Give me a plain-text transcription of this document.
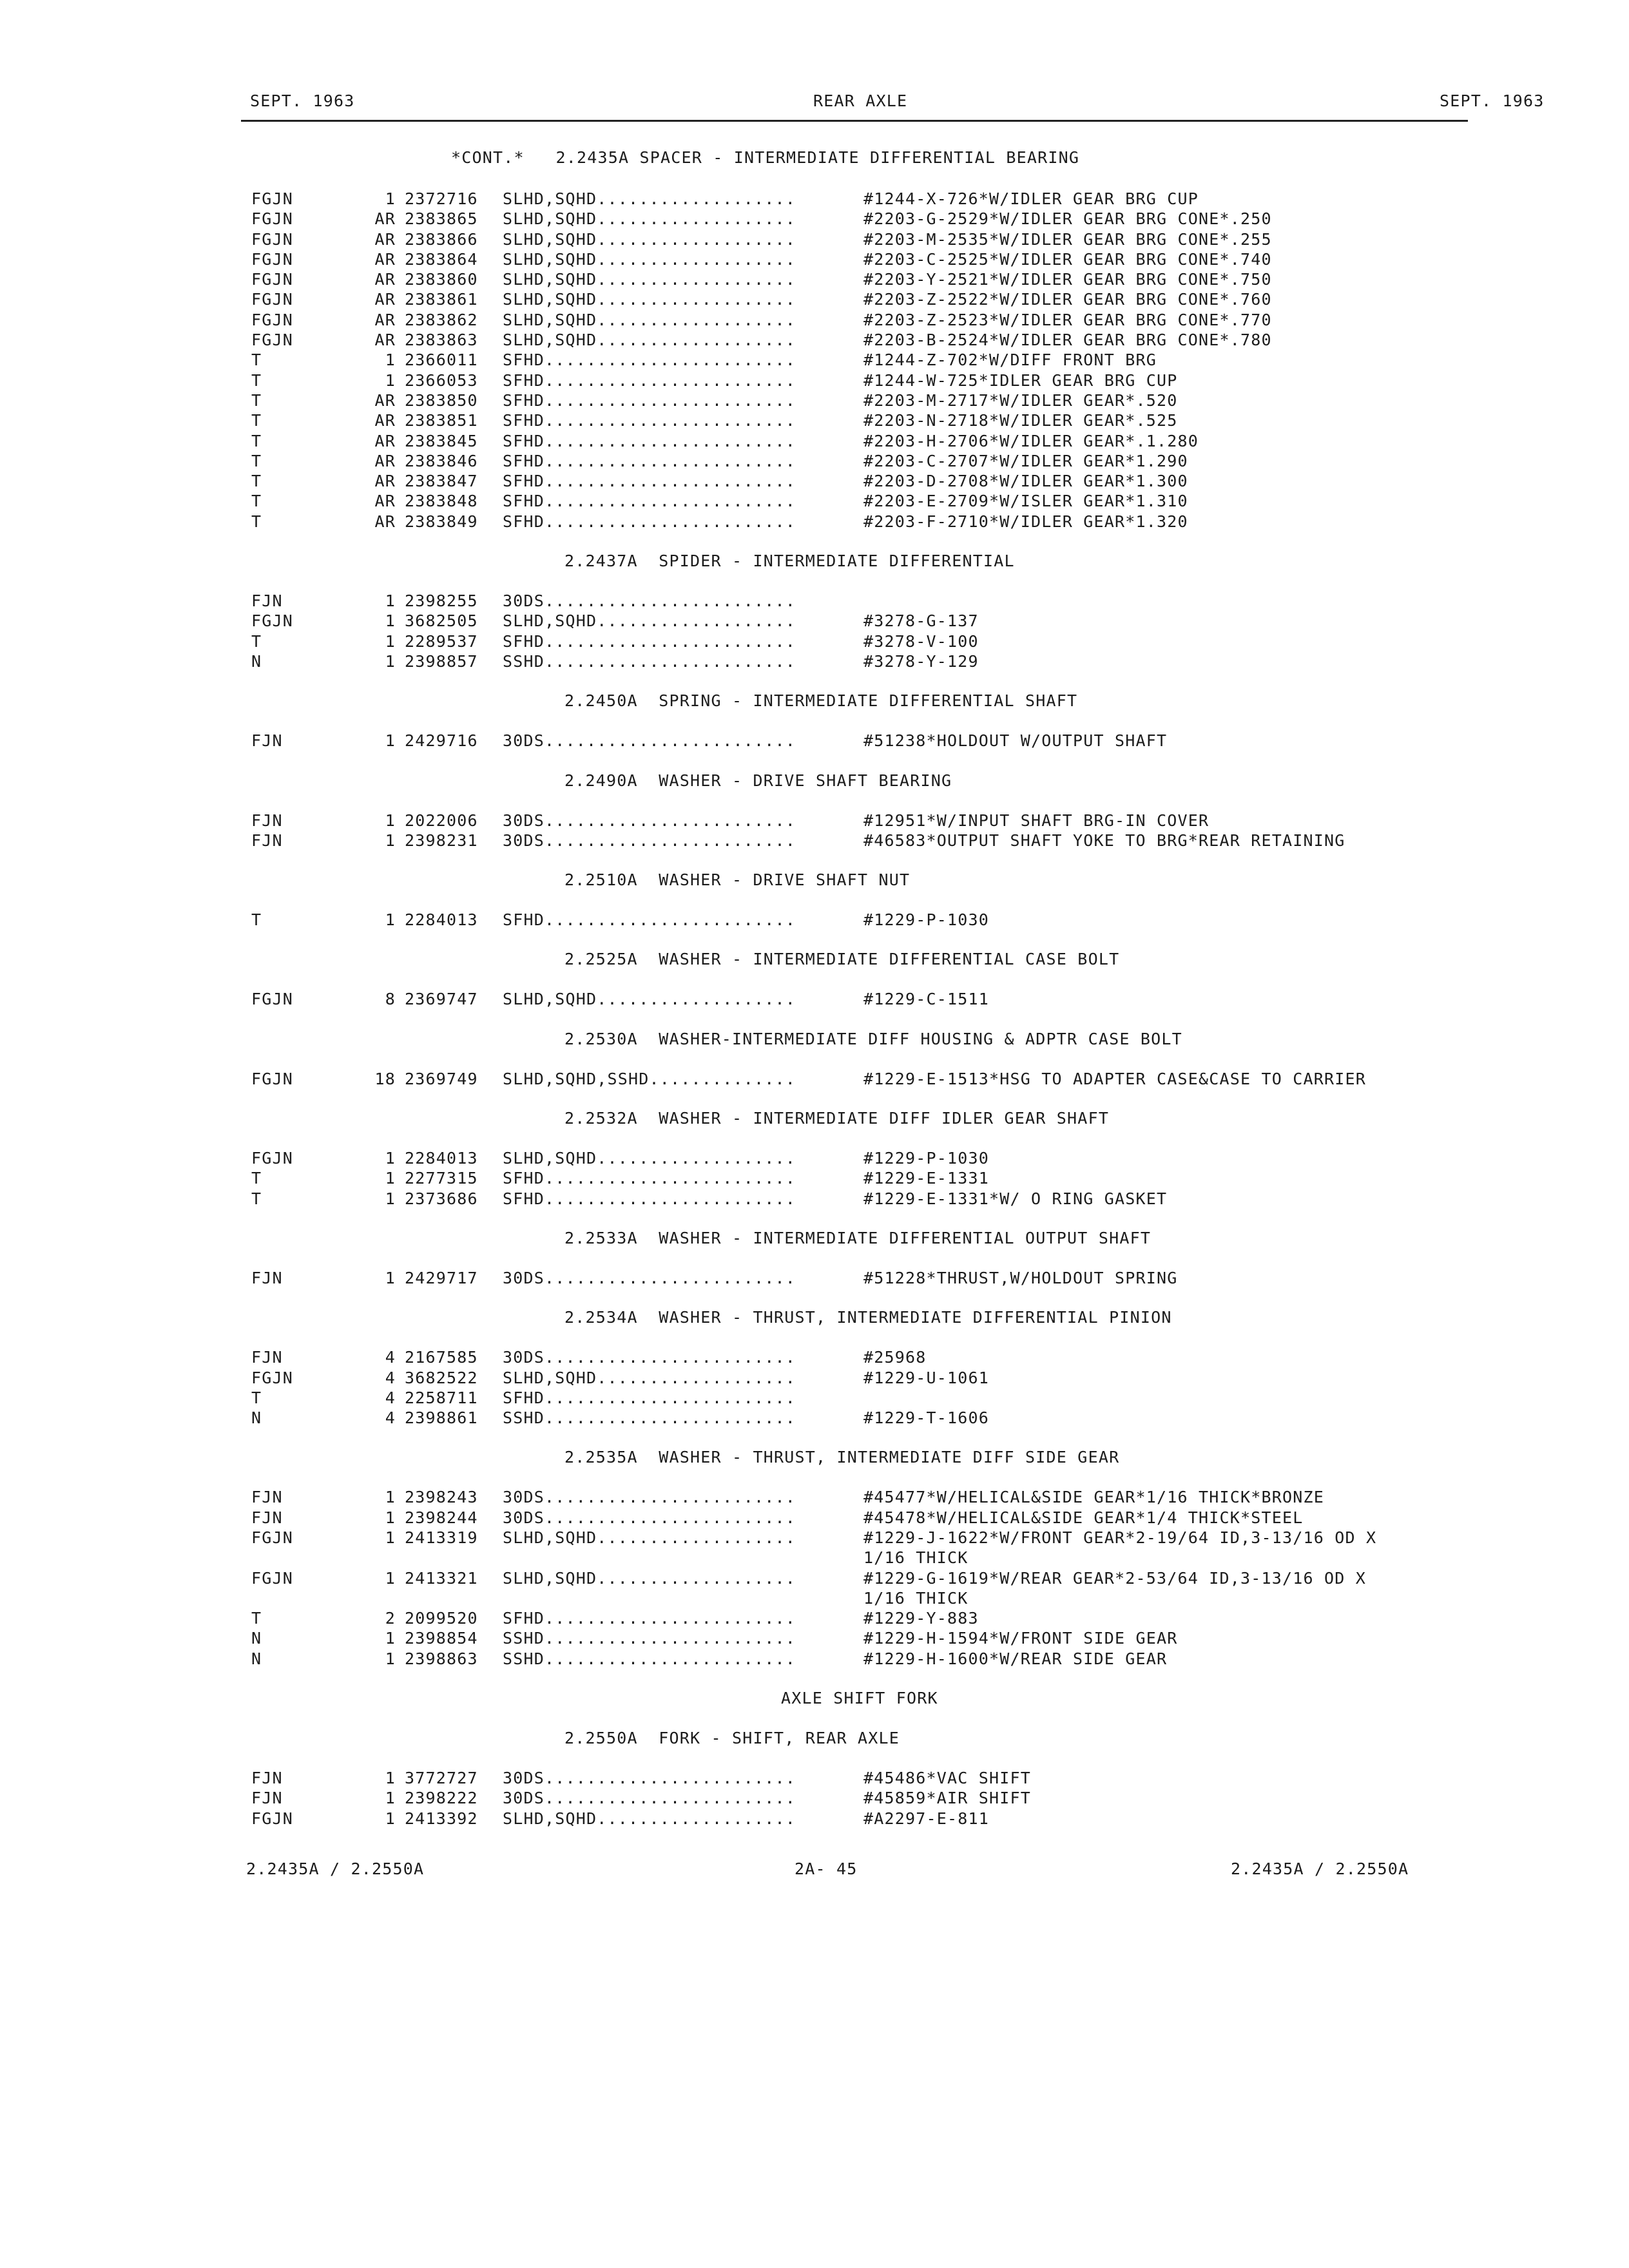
SEPT. 1963	REAR AXLE	SEPT. 1963
*CONT.*   2.2435A SPACER - INTERMEDIATE DIFFERENTIAL BEARING
FGJN	1 2372716 SLHD,SQHD...................	#1244-X-726*W/IDLER GEAR BRG CUP
FGJN	AR 2383865 SLHD,SQHD...................	#2203-G-2529*W/IDLER GEAR BRG CONE*.250
FGJN	AR 2383866 SLHD,SQHD...................	#2203-M-2535*W/IDLER GEAR BRG CONE*.255
FGJN	AR 2383864 SLHD,SQHD...................	#2203-C-2525*W/IDLER GEAR BRG CONE*.740
FGJN	AR 2383860 SLHD,SQHD...................	#2203-Y-2521*W/IDLER GEAR BRG CONE*.750
FGJN	AR 2383861 SLHD,SQHD...................	#2203-Z-2522*W/IDLER GEAR BRG CONE*.760
FGJN	AR 2383862 SLHD,SQHD...................	#2203-Z-2523*W/IDLER GEAR BRG CONE*.770
FGJN	AR 2383863 SLHD,SQHD...................	#2203-B-2524*W/IDLER GEAR BRG CONE*.780
T	1 2366011 SFHD........................	#1244-Z-702*W/DIFF FRONT BRG
T	1 2366053 SFHD........................	#1244-W-725*IDLER GEAR BRG CUP
T	AR 2383850 SFHD........................	#2203-M-2717*W/IDLER GEAR*.520
T	AR 2383851 SFHD........................	#2203-N-2718*W/IDLER GEAR*.525
T	AR 2383845 SFHD........................	#2203-H-2706*W/IDLER GEAR*.1.280
T	AR 2383846 SFHD........................	#2203-C-2707*W/IDLER GEAR*1.290
T	AR 2383847 SFHD........................	#2203-D-2708*W/IDLER GEAR*1.300
T	AR 2383848 SFHD........................	#2203-E-2709*W/ISLER GEAR*1.310
T	AR 2383849 SFHD........................	#2203-F-2710*W/IDLER GEAR*1.320
2.2437A  SPIDER - INTERMEDIATE DIFFERENTIAL
FJN	1 2398255 30DS........................
FGJN	1 3682505 SLHD,SQHD...................	#3278-G-137
T	1 2289537 SFHD........................	#3278-V-100
N	1 2398857 SSHD........................	#3278-Y-129
2.2450A  SPRING - INTERMEDIATE DIFFERENTIAL SHAFT
FJN	1 2429716 30DS........................	#51238*HOLDOUT W/OUTPUT SHAFT
2.2490A  WASHER - DRIVE SHAFT BEARING
FJN	1 2022006 30DS........................	#12951*W/INPUT SHAFT BRG-IN COVER
FJN	1 2398231 30DS........................	#46583*OUTPUT SHAFT YOKE TO BRG*REAR RETAINING
2.2510A  WASHER - DRIVE SHAFT NUT
T	1 2284013 SFHD........................	#1229-P-1030
2.2525A  WASHER - INTERMEDIATE DIFFERENTIAL CASE BOLT
FGJN	8 2369747 SLHD,SQHD...................	#1229-C-1511
2.2530A  WASHER-INTERMEDIATE DIFF HOUSING & ADPTR CASE BOLT
FGJN	18 2369749 SLHD,SQHD,SSHD..............	#1229-E-1513*HSG TO ADAPTER CASE&CASE TO CARRIER
2.2532A  WASHER - INTERMEDIATE DIFF IDLER GEAR SHAFT
FGJN	1 2284013 SLHD,SQHD...................	#1229-P-1030
T	1 2277315 SFHD........................	#1229-E-1331
T	1 2373686 SFHD........................	#1229-E-1331*W/ O RING GASKET
2.2533A  WASHER - INTERMEDIATE DIFFERENTIAL OUTPUT SHAFT
FJN	1 2429717 30DS........................	#51228*THRUST,W/HOLDOUT SPRING
2.2534A  WASHER - THRUST, INTERMEDIATE DIFFERENTIAL PINION
FJN	4 2167585 30DS........................	#25968
FGJN	4 3682522 SLHD,SQHD...................	#1229-U-1061
T	4 2258711 SFHD........................
N	4 2398861 SSHD........................	#1229-T-1606
2.2535A  WASHER - THRUST, INTERMEDIATE DIFF SIDE GEAR
FJN	1 2398243 30DS........................	#45477*W/HELICAL&SIDE GEAR*1/16 THICK*BRONZE
FJN	1 2398244 30DS........................	#45478*W/HELICAL&SIDE GEAR*1/4 THICK*STEEL
FGJN	1 2413319 SLHD,SQHD...................	#1229-J-1622*W/FRONT GEAR*2-19/64 ID,3-13/16 OD X
1/16 THICK
FGJN	1 2413321 SLHD,SQHD...................	#1229-G-1619*W/REAR GEAR*2-53/64 ID,3-13/16 OD X
1/16 THICK
T	2 2099520 SFHD........................	#1229-Y-883
N	1 2398854 SSHD........................	#1229-H-1594*W/FRONT SIDE GEAR
N	1 2398863 SSHD........................	#1229-H-1600*W/REAR SIDE GEAR
AXLE SHIFT FORK
2.2550A  FORK - SHIFT, REAR AXLE
FJN	1 3772727 30DS........................	#45486*VAC SHIFT
FJN	1 2398222 30DS........................	#45859*AIR SHIFT
FGJN	1 2413392 SLHD,SQHD...................	#A2297-E-811
2.2435A / 2.2550A	2A- 45	2.2435A / 2.2550A
